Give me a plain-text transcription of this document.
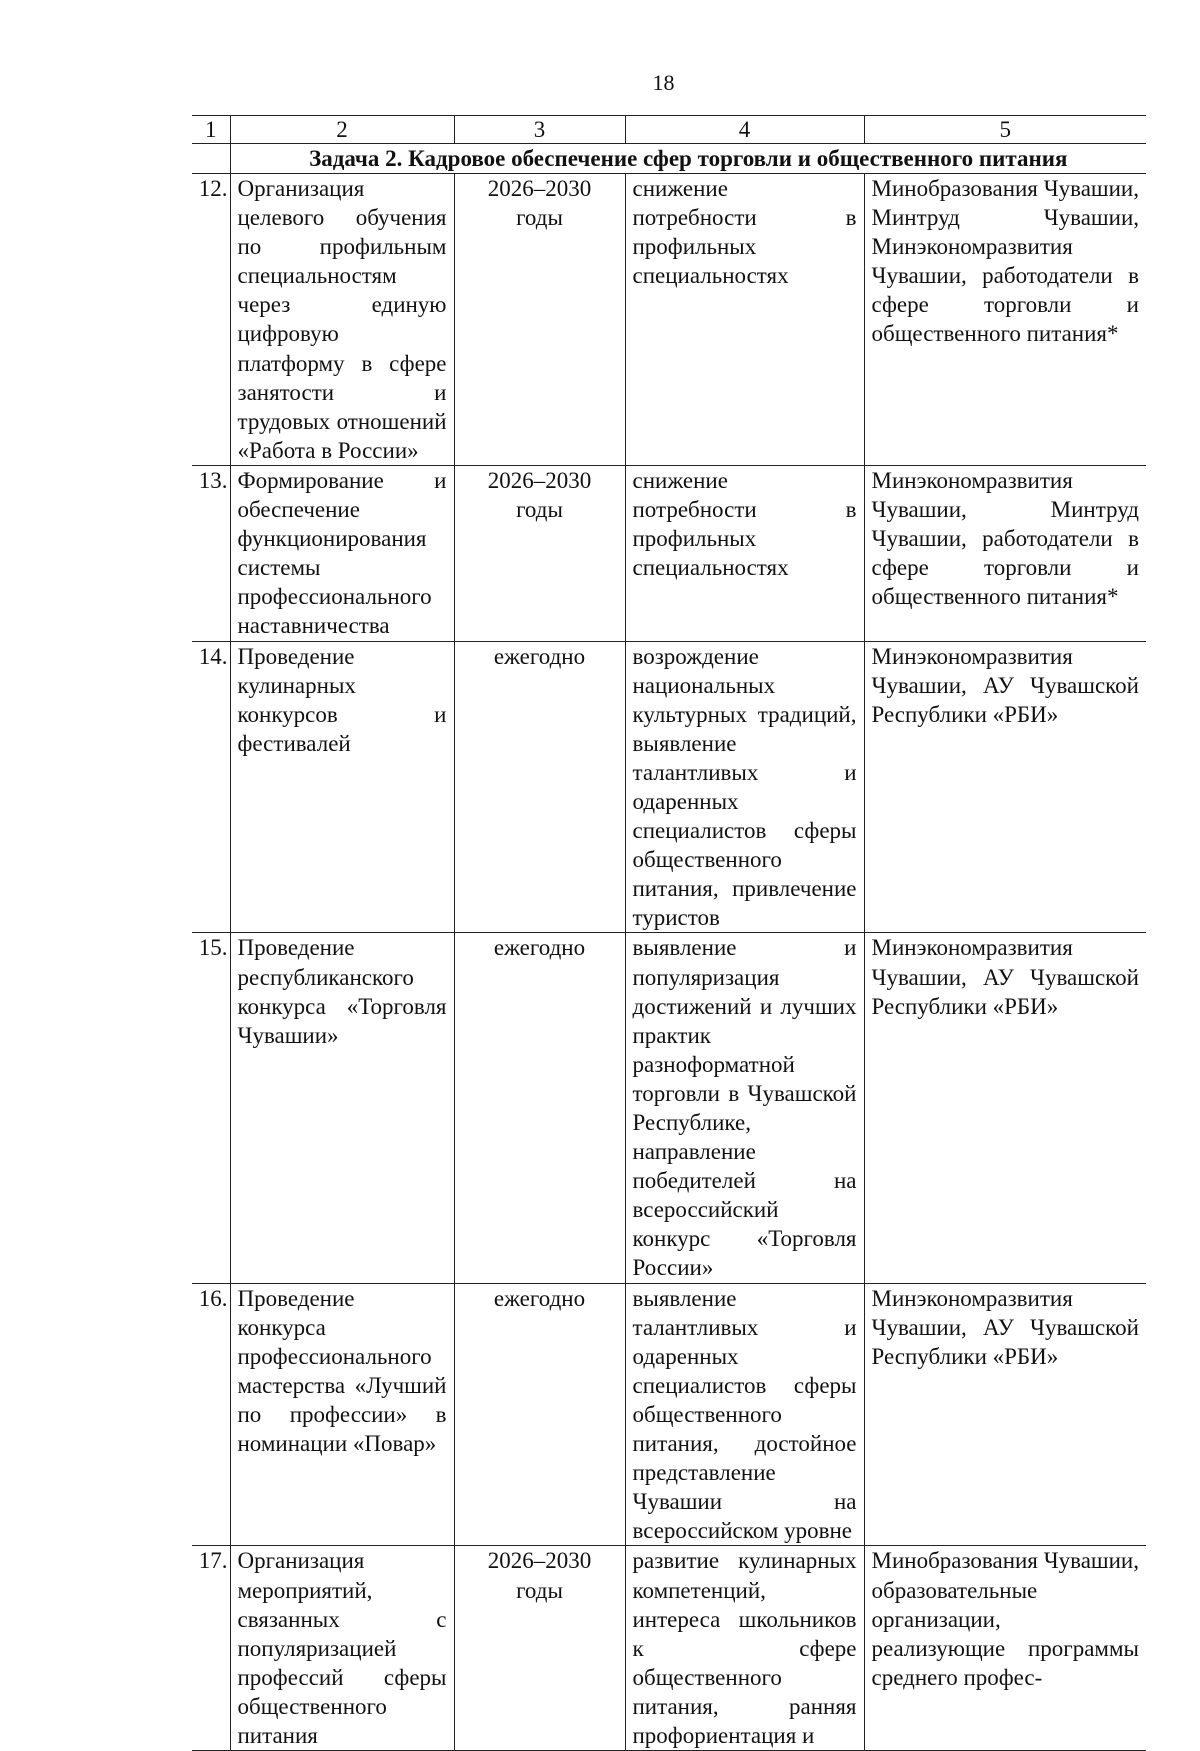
18
1	2	3	4	5
	Задача 2. Кадровое обеспечение сфер торговли и общественного питания			
12.	Организация целевого обучения по профильным специальностям через единую цифровую платформу в сфере занятости и трудовых отношений «Работа в России»	2026–2030 годы	снижение потребности в профильных специальностях	Минобразования Чувашии, Минтруд Чувашии, Минэкономразвития Чувашии, работодатели в сфере торговли и общественного питания*
13.	Формирование и обеспечение функционирования системы профессионального наставничества	2026–2030 годы	снижение потребности в профильных специальностях	Минэкономразвития Чувашии, Минтруд Чувашии, работодатели в сфере торговли и общественного питания*
14.	Проведение кулинарных конкурсов и фестивалей	ежегодно	возрождение национальных культурных традиций, выявление талантливых и одаренных специалистов сферы общественного питания, привлечение туристов	Минэкономразвития Чувашии, АУ Чувашской Республики «РБИ»
15.	Проведение республиканского конкурса «Торговля Чувашии»	ежегодно	выявление и популяризация достижений и лучших практик разноформатной торговли в Чувашской Республике, направление победителей на всероссийский конкурс «Торговля России»	Минэкономразвития Чувашии, АУ Чувашской Республики «РБИ»
16.	Проведение конкурса профессионального мастерства «Лучший по профессии» в номинации «Повар»	ежегодно	выявление талантливых и одаренных специалистов сферы общественного питания, достойное представление Чувашии на всероссийском уровне	Минэкономразвития Чувашии, АУ Чувашской Республики «РБИ»
17.	Организация мероприятий, связанных с популяризацией профессий сферы общественного питания	2026–2030 годы	развитие кулинарных компетенций, интереса школьников к сфере общественного питания, ранняя профориентация и	Минобразования Чувашии, образовательные организации, реализующие программы среднего профес-
